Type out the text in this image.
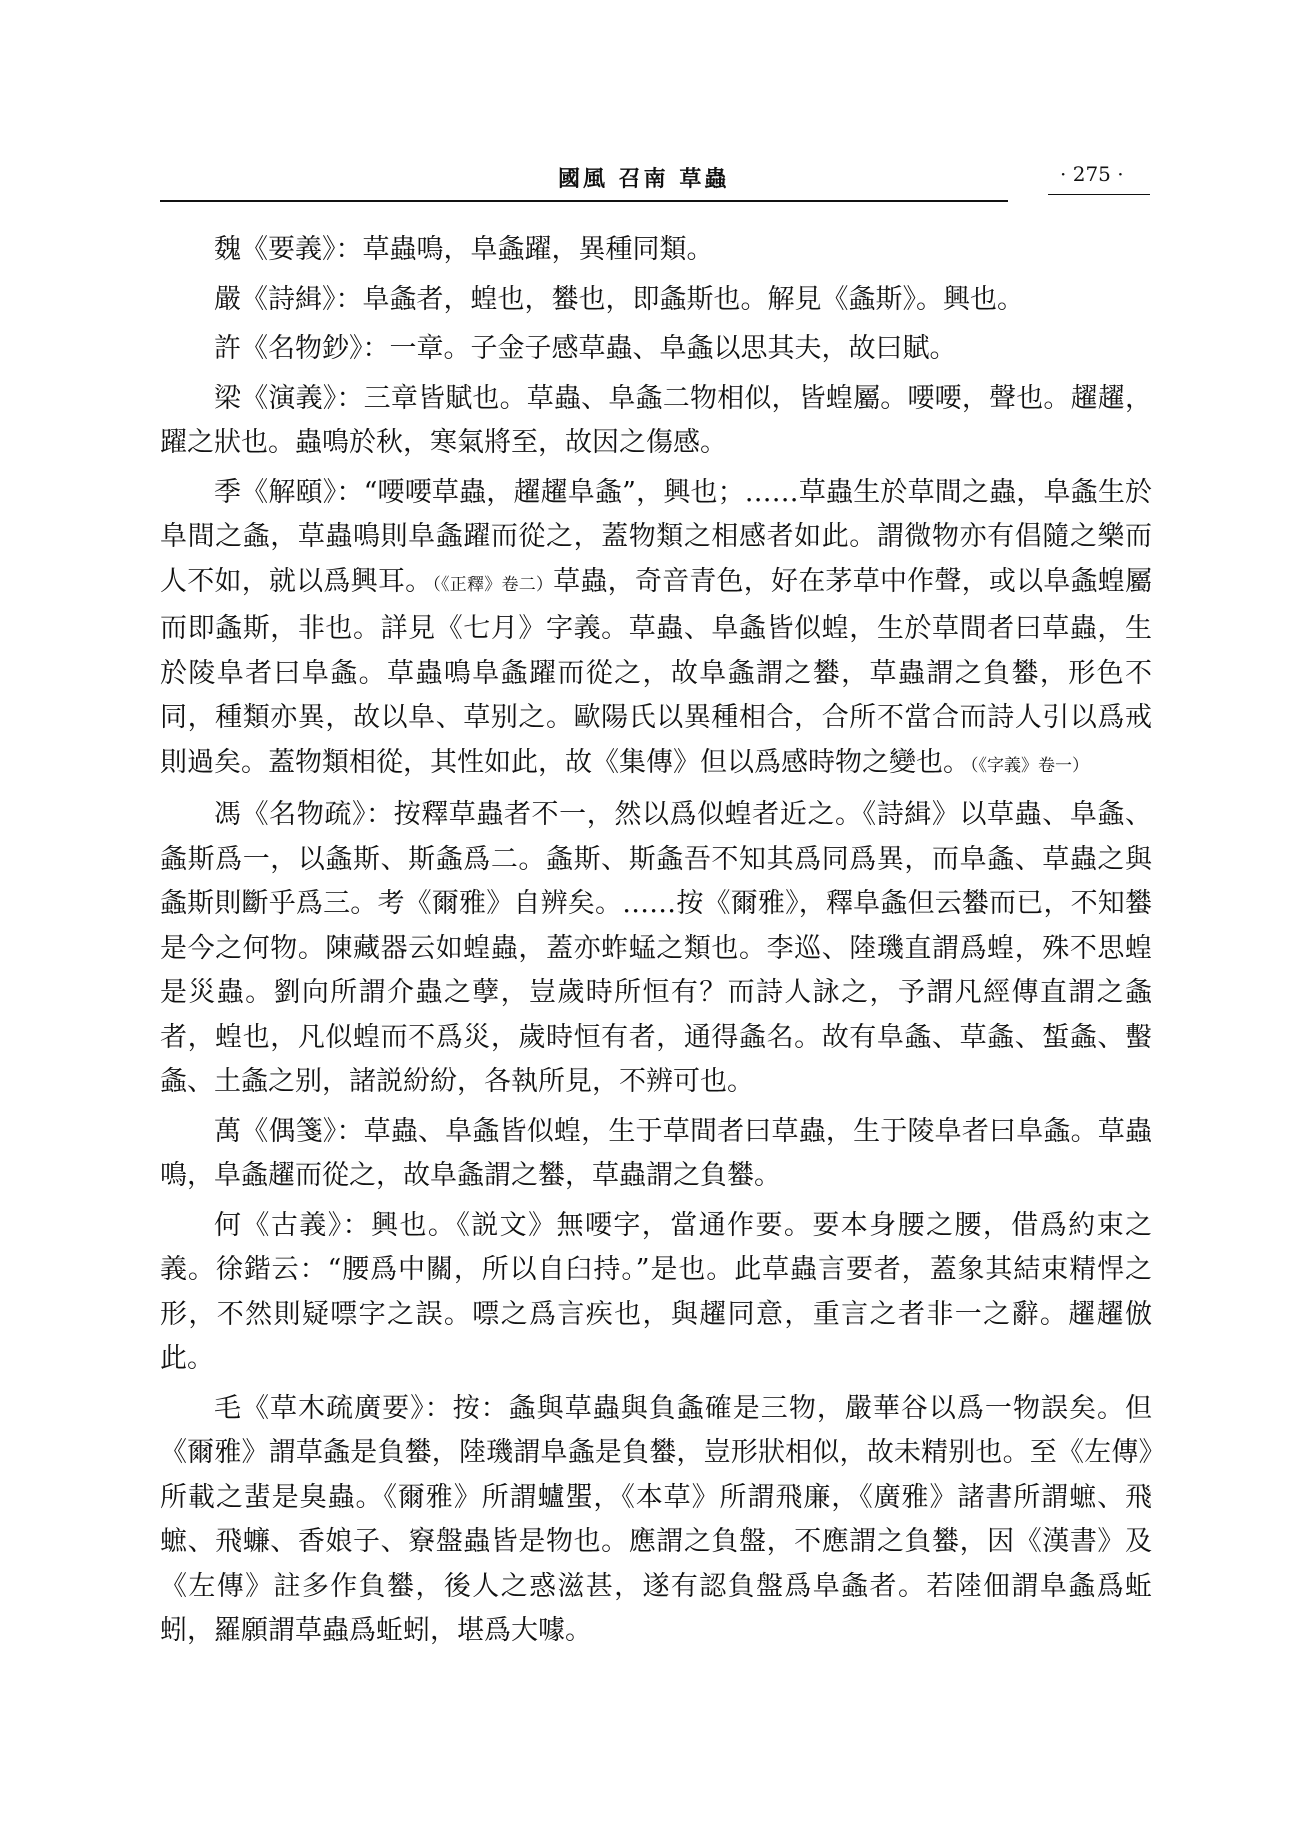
國風 召南 草蟲	· 275 ·

魏《要義》：草蟲鳴，阜螽躍，異種同類。

嚴《詩緝》：阜螽者，蝗也，蠜也，即螽斯也。解見《螽斯》。興也。

許《名物鈔》：一章。子金子感草蟲、阜螽以思其夫，故曰賦。

梁《演義》：三章皆賦也。草蟲、阜螽二物相似，皆蝗屬。喓喓，聲也。趯趯，躍之狀也。蟲鳴於秋，寒氣將至，故因之傷感。

季《解頤》：“喓喓草蟲，趯趯阜螽”，興也；……草蟲生於草間之蟲，阜螽生於阜間之螽，草蟲鳴則阜螽躍而從之，蓋物類之相感者如此。謂微物亦有倡隨之樂而人不如，就以爲興耳。（《正釋》卷二）草蟲，奇音青色，好在茅草中作聲，或以阜螽蝗屬而即螽斯，非也。詳見《七月》字義。草蟲、阜螽皆似蝗，生於草間者曰草蟲，生於陵阜者曰阜螽。草蟲鳴阜螽躍而從之，故阜螽謂之蠜，草蟲謂之負蠜，形色不同，種類亦異，故以阜、草别之。歐陽氏以異種相合，合所不當合而詩人引以爲戒則過矣。蓋物類相從，其性如此，故《集傳》但以爲感時物之變也。（《字義》卷一）

馮《名物疏》：按釋草蟲者不一，然以爲似蝗者近之。《詩緝》以草蟲、阜螽、螽斯爲一，以螽斯、斯螽爲二。螽斯、斯螽吾不知其爲同爲異，而阜螽、草蟲之與螽斯則斷乎爲三。考《爾雅》自辨矣。……按《爾雅》，釋阜螽但云蠜而已，不知蠜是今之何物。陳藏器云如蝗蟲，蓋亦蚱蜢之類也。李巡、陸璣直謂爲蝗，殊不思蝗是災蟲。劉向所謂介蟲之孽，豈歲時所恒有？而詩人詠之，予謂凡經傳直謂之螽者，蝗也，凡似蝗而不爲災，歲時恒有者，通得螽名。故有阜螽、草螽、蜤螽、蟿螽、土螽之别，諸説紛紛，各執所見，不辨可也。

萬《偶箋》：草蟲、阜螽皆似蝗，生于草間者曰草蟲，生于陵阜者曰阜螽。草蟲鳴，阜螽趯而從之，故阜螽謂之蠜，草蟲謂之負蠜。

何《古義》：興也。《説文》無喓字，當通作要。要本身腰之腰，借爲約束之義。徐鍇云：“腰爲中關，所以自臼持。”是也。此草蟲言要者，蓋象其結束精悍之形，不然則疑嘌字之誤。嘌之爲言疾也，與趯同意，重言之者非一之辭。趯趯倣此。

毛《草木疏廣要》：按：螽與草蟲與負螽確是三物，嚴華谷以爲一物誤矣。但《爾雅》謂草螽是負蠜，陸璣謂阜螽是負蠜，豈形狀相似，故未精别也。至《左傳》所載之蜚是臭蟲。《爾雅》所謂蠦蜰，《本草》所謂飛廉，《廣雅》諸書所謂蟅、飛蟅、飛蠊、香娘子、竂盤蟲皆是物也。應謂之負盤，不應謂之負蠜，因《漢書》及《左傳》註多作負蠜，後人之惑滋甚，遂有認負盤爲阜螽者。若陸佃謂阜螽爲蚯蚓，羅願謂草蟲爲蚯蚓，堪爲大噱。
